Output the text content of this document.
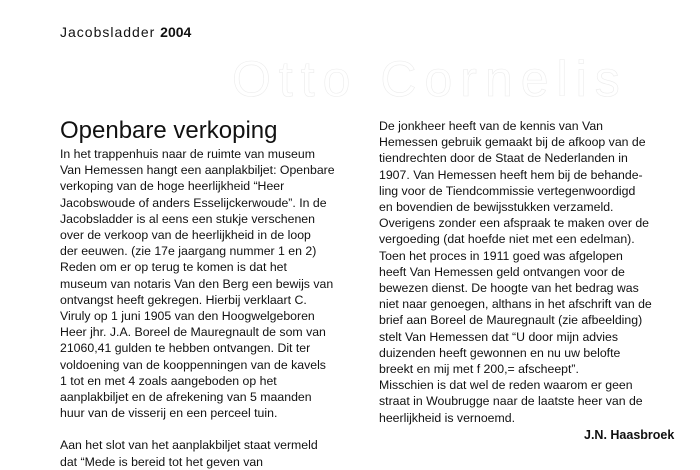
Jacobsladder 2004
Otto Cornelis
Openbare verkoping
In het trappenhuis naar de ruimte van museum
Van Hemessen hangt een aanplakbiljet: Openbare
verkoping van de hoge heerlijkheid “Heer
Jacobswoude of anders Esselijckerwoude”. In de
Jacobsladder is al eens een stukje verschenen
over de verkoop van de heerlijkheid in de loop
der eeuwen. (zie 17e jaargang nummer 1 en 2)
Reden om er op terug te komen is dat het
museum van notaris Van den Berg een bewijs van
ontvangst heeft gekregen. Hierbij verklaart C.
Viruly op 1 juni 1905 van den Hoogwelgeboren
Heer jhr. J.A. Boreel de Mauregnault de som van
21060,41 gulden te hebben ontvangen. Dit ter
voldoening van de kooppenningen van de kavels
1 tot en met 4 zoals aangeboden op het
aanplakbiljet en de afrekening van 5 maanden
huur van de visserij en een perceel tuin.
Aan het slot van het aanplakbiljet staat vermeld
dat “Mede is bereid tot het geven van
De jonkheer heeft van de kennis van Van
Hemessen gebruik gemaakt bij de afkoop van de
tiendrechten door de Staat de Nederlanden in
1907. Van Hemessen heeft hem bij de behande-
ling voor de Tiendcommissie vertegenwoordigd
en bovendien de bewijsstukken verzameld.
Overigens zonder een afspraak te maken over de
vergoeding (dat hoefde niet met een edelman).
Toen het proces in 1911 goed was afgelopen
heeft Van Hemessen geld ontvangen voor de
bewezen dienst. De hoogte van het bedrag was
niet naar genoegen, althans in het afschrift van de
brief aan Boreel de Mauregnault (zie afbeelding)
stelt Van Hemessen dat “U door mijn advies
duizenden heeft gewonnen en nu uw belofte
breekt en mij met f 200,= afscheept”.
Misschien is dat wel de reden waarom er geen
straat in Woubrugge naar de laatste heer van de
heerlijkheid is vernoemd.
J.N. Haasbroek
